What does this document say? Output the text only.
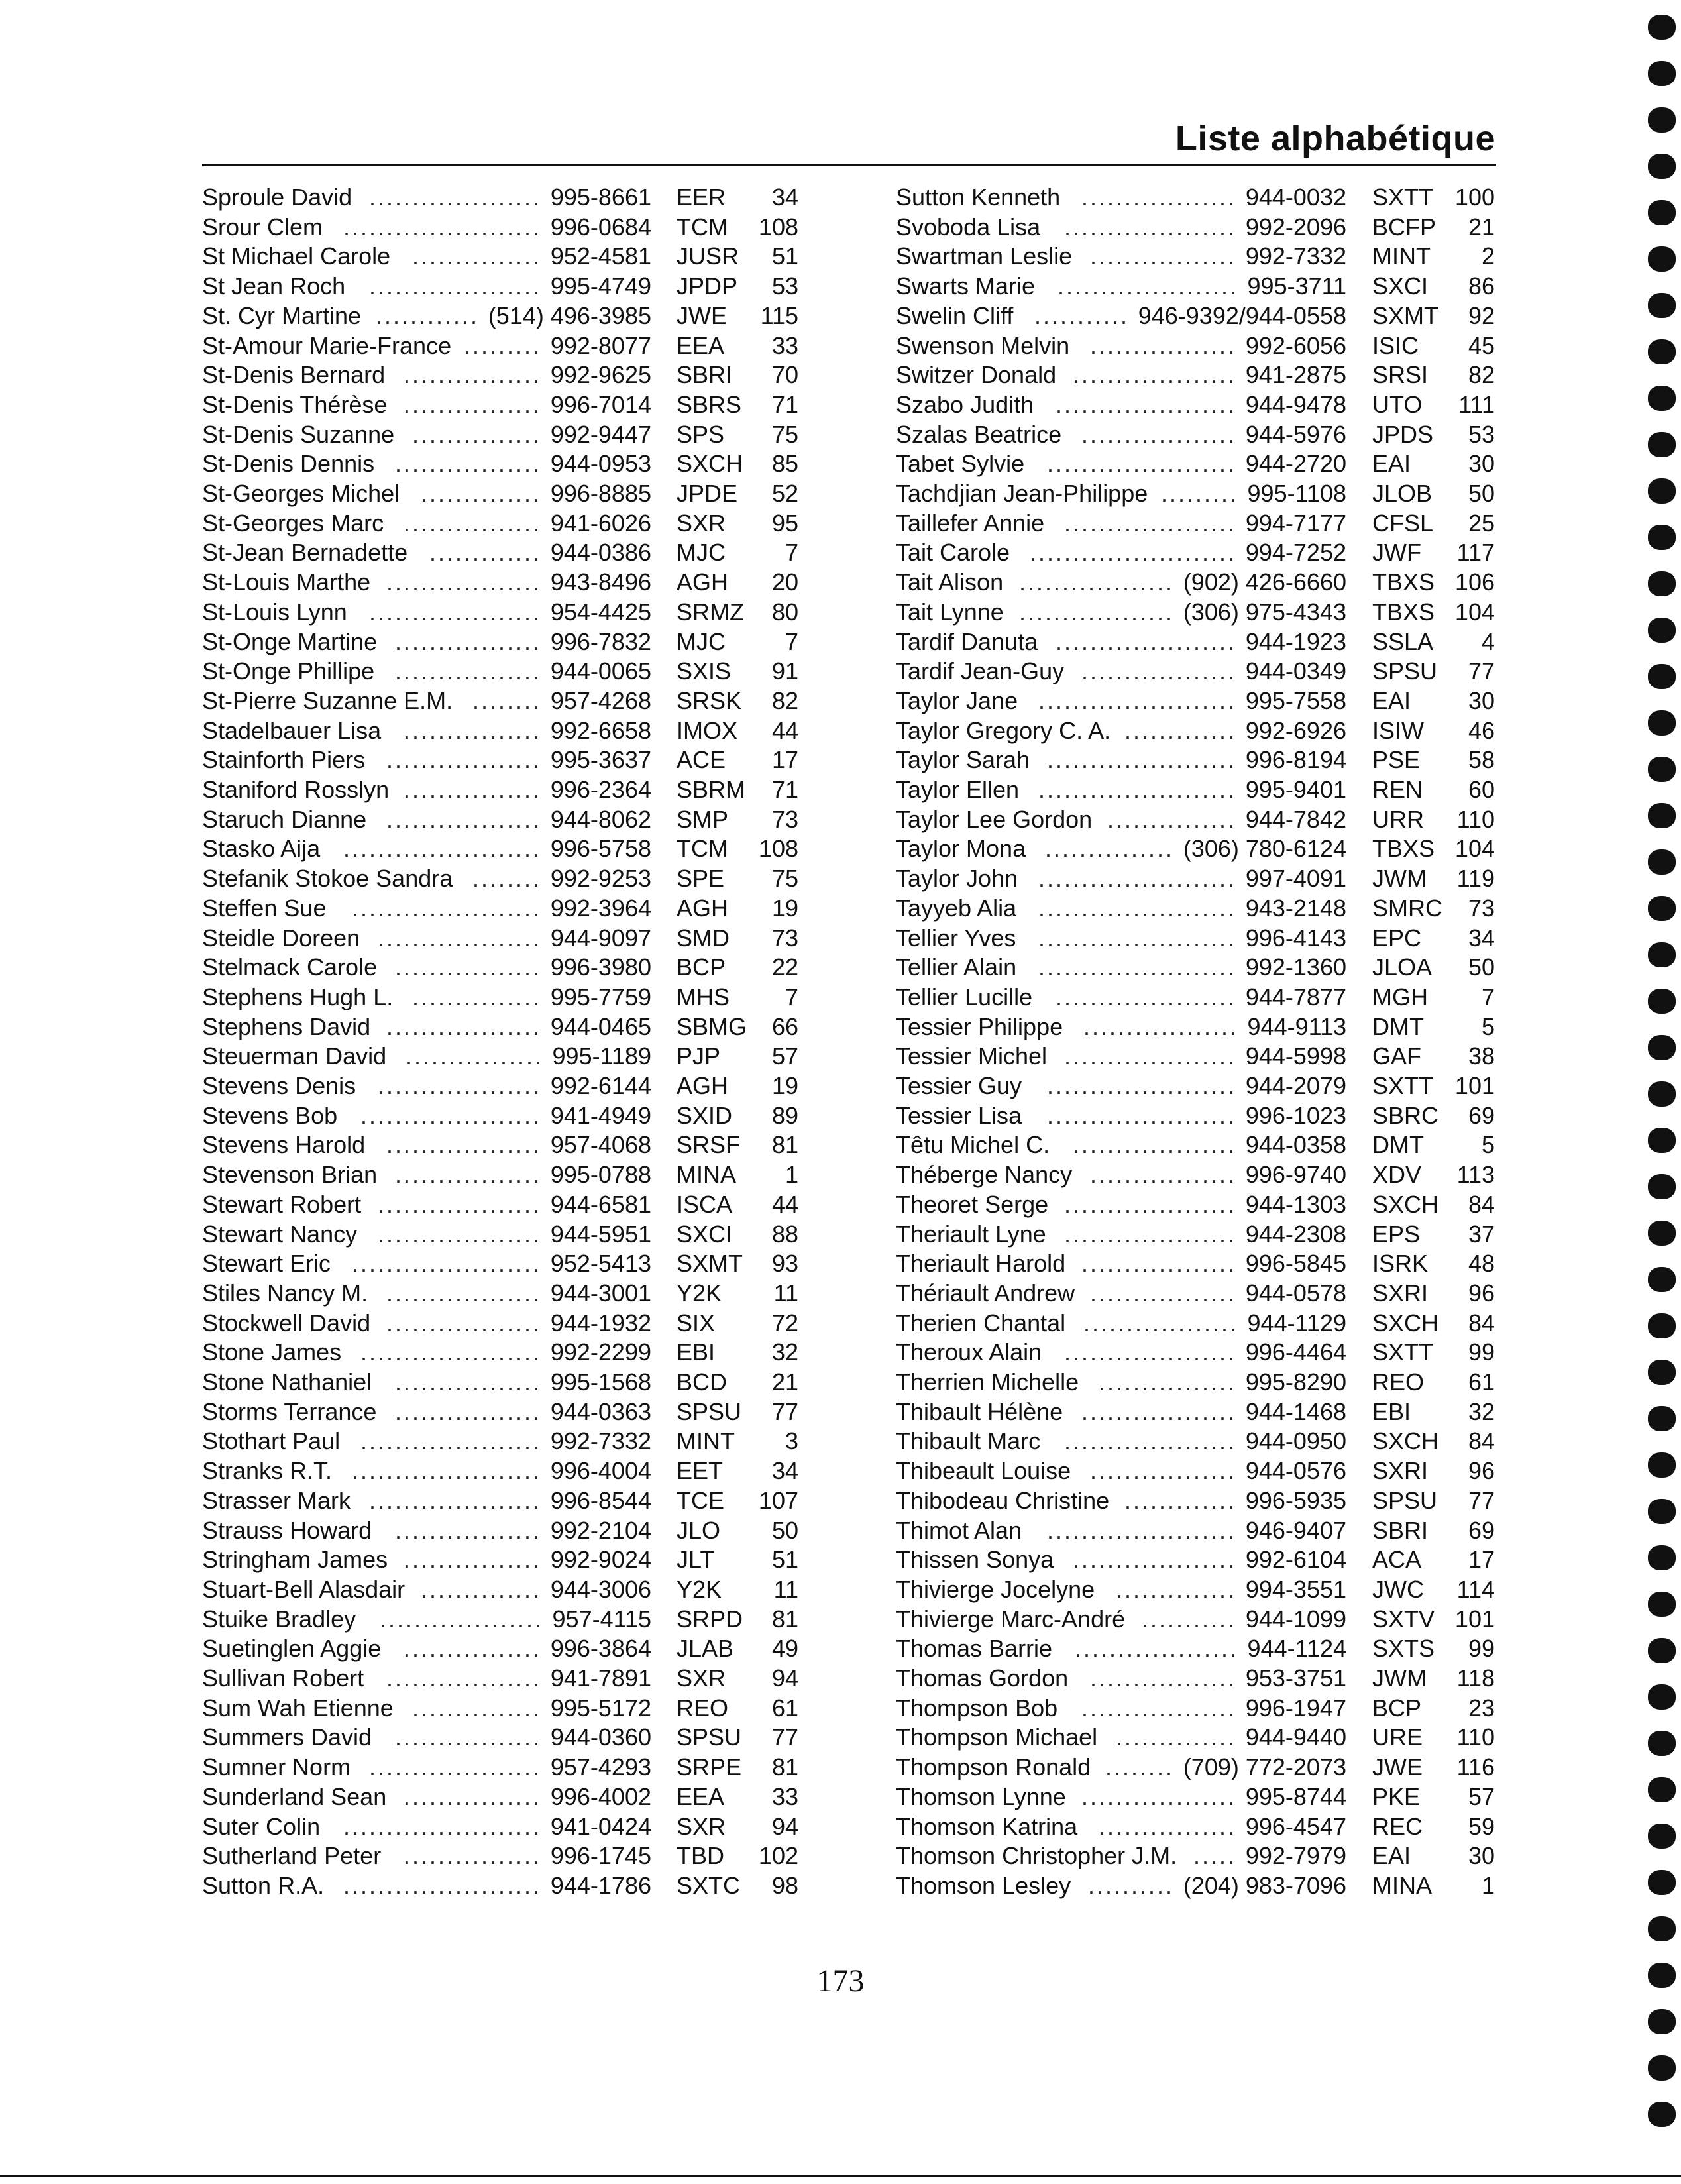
Liste alphabétique
Sproule David	995-8661 EER	34
....................
Srour Clem	996-0684 TCM	108
.......................
St Michael Carole	952-4581 JUSR	51
...............
St Jean Roch	995-4749 JPDP	53
....................
St. Cyr Martine	(514) 496-3985 JWE	115
............
St-Amour Marie-France	992-8077 EEA	33
.........
St-Denis Bernard	992-9625 SBRI	70
................
St-Denis Thérèse	996-7014 SBRS	71
................
St-Denis Suzanne	992-9447 SPS	75
...............
St-Denis Dennis	944-0953 SXCH	85
.................
St-Georges Michel	996-8885 JPDE	52
..............
St-Georges Marc	941-6026 SXR	95
................
St-Jean Bernadette	944-0386 MJC	7
.............
St-Louis Marthe	943-8496 AGH	20
..................
St-Louis Lynn	954-4425 SRMZ	80
....................
St-Onge Martine	996-7832 MJC	7
.................
St-Onge Phillipe	944-0065 SXIS	91
.................
St-Pierre Suzanne E.M.	957-4268 SRSK	82
........
Stadelbauer Lisa	992-6658 IMOX	44
................
Stainforth Piers	995-3637 ACE	17
..................
Staniford Rosslyn	996-2364 SBRM	71
................
Staruch Dianne	944-8062 SMP	73
..................
Stasko Aija	996-5758 TCM	108
.......................
Stefanik Stokoe Sandra	992-9253 SPE	75
........
Steffen Sue	992-3964 AGH	19
......................
Steidle Doreen	944-9097 SMD	73
...................
Stelmack Carole	996-3980 BCP	22
.................
Stephens Hugh L.	995-7759 MHS	7
...............
Stephens David	944-0465 SBMG	66
..................
Steuerman David	995-1189 PJP	57
................
Stevens Denis	992-6144 AGH	19
...................
Stevens Bob	941-4949 SXID	89
.....................
Stevens Harold	957-4068 SRSF	81
..................
Stevenson Brian	995-0788 MINA	1
.................
Stewart Robert	944-6581 ISCA	44
...................
Stewart Nancy	944-5951 SXCI	88
...................
Stewart Eric	952-5413 SXMT	93
......................
Stiles Nancy M.	944-3001 Y2K	11
..................
Stockwell David	944-1932 SIX	72
..................
Stone James	992-2299 EBI	32
.....................
Stone Nathaniel	995-1568 BCD	21
.................
Storms Terrance	944-0363 SPSU	77
.................
Stothart Paul	992-7332 MINT	3
.....................
Stranks R.T.	996-4004 EET	34
......................
Strasser Mark	996-8544 TCE	107
....................
Strauss Howard	992-2104 JLO	50
.................
Stringham James	992-9024 JLT	51
................
Stuart-Bell Alasdair	944-3006 Y2K	11
..............
Stuike Bradley	957-4115 SRPD	81
...................
Suetinglen Aggie	996-3864 JLAB	49
................
Sullivan Robert	941-7891 SXR	94
..................
Sum Wah Etienne	995-5172 REO	61
...............
Summers David	944-0360 SPSU	77
.................
Sumner Norm	957-4293 SRPE	81
....................
Sunderland Sean	996-4002 EEA	33
................
Suter Colin	941-0424 SXR	94
.......................
Sutherland Peter	996-1745 TBD	102
................
Sutton R.A.	944-1786 SXTC	98
.......................
Sutton Kenneth	944-0032 SXTT 100
..................
Svoboda Lisa	992-2096 BCFP	21
....................
Swartman Leslie	992-7332 MINT	2
.................
Swarts Marie	995-3711 SXCI	86
.....................
Swelin Cliff	946-9392/944-0558 SXMT	92
...........
Swenson Melvin	992-6056 ISIC	45
.................
Switzer Donald	941-2875 SRSI	82
...................
Szabo Judith	944-9478 UTO	111
.....................
Szalas Beatrice	944-5976 JPDS	53
..................
Tabet Sylvie	944-2720 EAI	30
......................
Tachdjian Jean-Philippe	995-1108 JLOB	50
.........
Taillefer Annie	994-7177 CFSL	25
....................
Tait Carole	994-7252 JWF	117
........................
Tait Alison	(902) 426-6660 TBXS 106
..................
Tait Lynne	(306) 975-4343 TBXS 104
..................
Tardif Danuta	944-1923 SSLA	4
.....................
Tardif Jean-Guy	944-0349 SPSU	77
..................
Taylor Jane	995-7558 EAI	30
.......................
Taylor Gregory C. A.	992-6926 ISIW	46
.............
Taylor Sarah	996-8194 PSE	58
......................
Taylor Ellen	995-9401 REN	60
.......................
Taylor Lee Gordon	944-7842 URR	110
...............
Taylor Mona	(306) 780-6124 TBXS 104
...............
Taylor John	997-4091 JWM	119
.......................
Tayyeb Alia	943-2148 SMRC	73
.......................
Tellier Yves	996-4143 EPC	34
.......................
Tellier Alain	992-1360 JLOA	50
.......................
Tellier Lucille	944-7877 MGH	7
.....................
Tessier Philippe	944-9113 DMT	5
..................
Tessier Michel	944-5998 GAF	38
....................
Tessier Guy	944-2079 SXTT 101
......................
Tessier Lisa	996-1023 SBRC	69
......................
Têtu Michel C.	944-0358 DMT	5
...................
Théberge Nancy	996-9740 XDV	113
.................
Theoret Serge	944-1303 SXCH	84
....................
Theriault Lyne	944-2308 EPS	37
....................
Theriault Harold	996-5845 ISRK	48
..................
Thériault Andrew	944-0578 SXRI	96
.................
Therien Chantal	944-1129 SXCH	84
..................
Theroux Alain	996-4464 SXTT	99
....................
Therrien Michelle	995-8290 REO	61
................
Thibault Hélène	944-1468 EBI	32
..................
Thibault Marc	944-0950 SXCH	84
....................
Thibeault Louise	944-0576 SXRI	96
.................
Thibodeau Christine	996-5935 SPSU	77
.............
Thimot Alan	946-9407 SBRI	69
......................
Thissen Sonya	992-6104 ACA	17
...................
Thivierge Jocelyne	994-3551 JWC	114
..............
Thivierge Marc-André	944-1099 SXTV 101
...........
Thomas Barrie	944-1124 SXTS	99
...................
Thomas Gordon	953-3751 JWM	118
.................
Thompson Bob	996-1947 BCP	23
..................
Thompson Michael	944-9440 URE	110
..............
Thompson Ronald	(709) 772-2073 JWE	116
........
Thomson Lynne	995-8744 PKE	57
..................
Thomson Katrina	996-4547 REC	59
................
Thomson Christopher J.M.	992-7979 EAI	30
.....
Thomson Lesley	(204) 983-7096 MINA	1
..........
173
